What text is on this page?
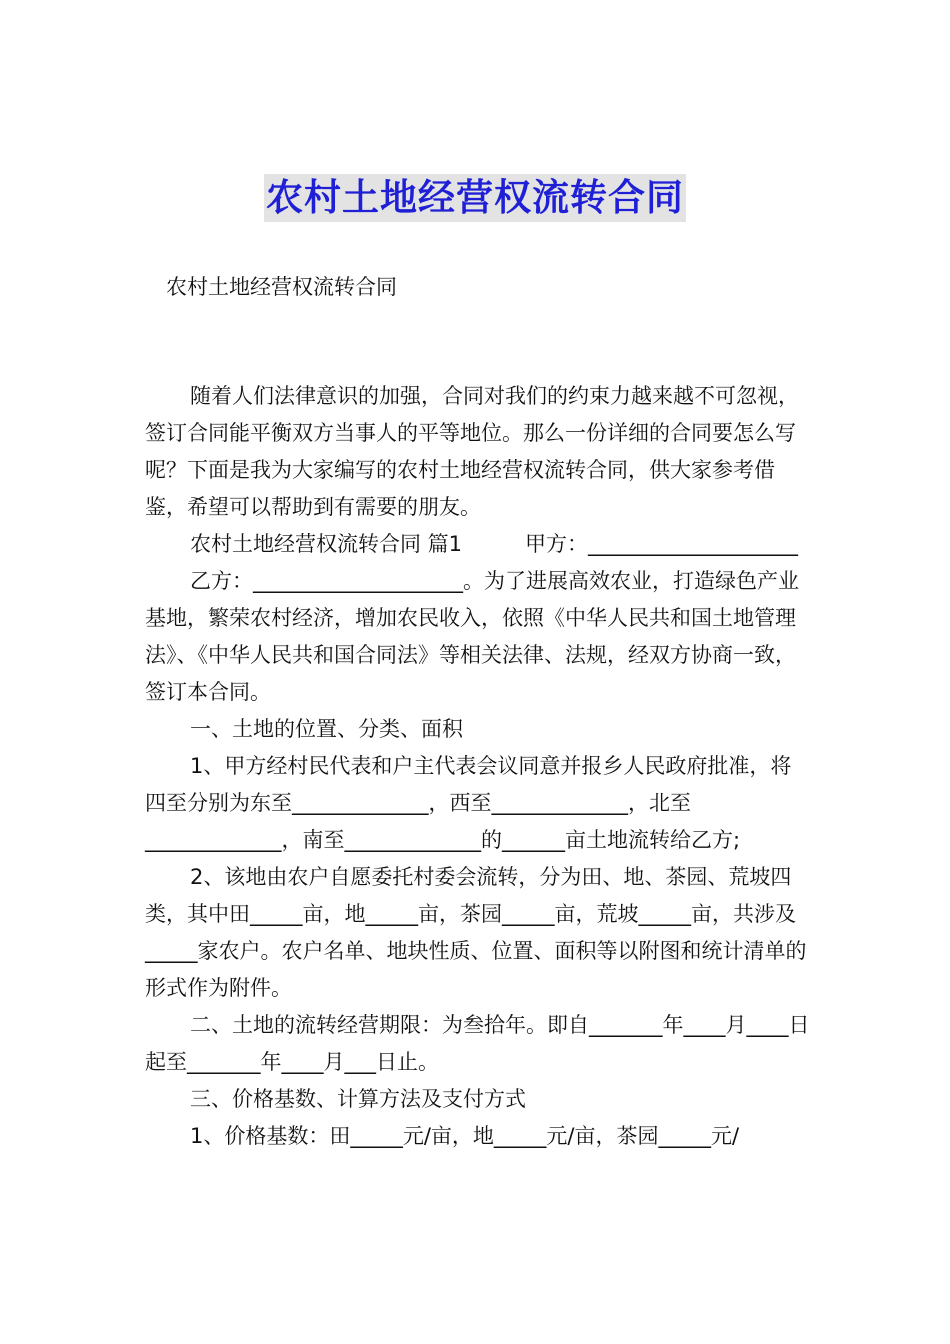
农村土地经营权流转合同
农村土地经营权流转合同

随着人们法律意识的加强，合同对我们的约束力越来越不可忽视，签订合同能平衡双方当事人的平等地位。那么一份详细的合同要怎么写呢？下面是我为大家编写的农村土地经营权流转合同，供大家参考借鉴，希望可以帮助到有需要的朋友。

农村土地经营权流转合同 篇1　　　甲方：____________________

乙方：____________________。为了进展高效农业，打造绿色产业基地，繁荣农村经济，增加农民收入，依照《中华人民共和国土地管理法》、《中华人民共和国合同法》等相关法律、法规，经双方协商一致，签订本合同。

一、土地的位置、分类、面积

1、甲方经村民代表和户主代表会议同意并报乡人民政府批准，将四至分别为东至_____________，西至_____________，北至_____________，南至_____________的______亩土地流转给乙方;

2、该地由农户自愿委托村委会流转，分为田、地、茶园、荒坡四类，其中田_____亩，地_____亩，茶园_____亩，荒坡_____亩，共涉及_____家农户。农户名单、地块性质、位置、面积等以附图和统计清单的形式作为附件。

二、土地的流转经营期限：为叁拾年。即自_______年____月____日起至_______年____月___日止。

三、价格基数、计算方法及支付方式

1、价格基数：田_____元/亩，地_____元/亩，茶园_____元/
